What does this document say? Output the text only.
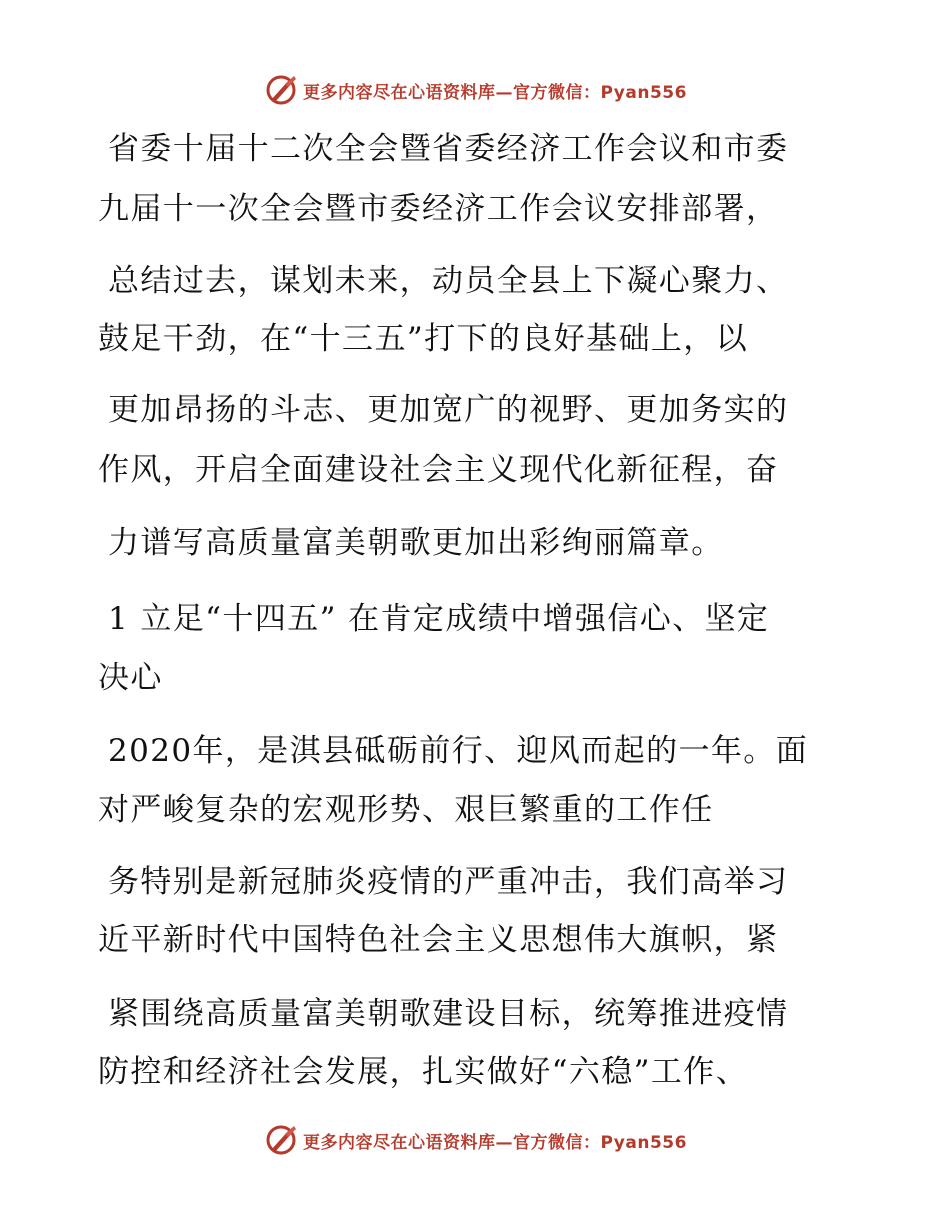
更多内容尽在心语资料库—官方微信：Pyan556
省委十届十二次全会暨省委经济工作会议和市委
九届十一次全会暨市委经济工作会议安排部署，
总结过去，谋划未来，动员全县上下凝心聚力、
鼓足干劲，在“十三五”打下的良好基础上，以
更加昂扬的斗志、更加宽广的视野、更加务实的
作风，开启全面建设社会主义现代化新征程，奋
力谱写高质量富美朝歌更加出彩绚丽篇章。
1 立足“十四五” 在肯定成绩中增强信心、坚定
决心
2020年，是淇县砥砺前行、迎风而起的一年。面
对严峻复杂的宏观形势、艰巨繁重的工作任
务特别是新冠肺炎疫情的严重冲击，我们高举习
近平新时代中国特色社会主义思想伟大旗帜，紧
紧围绕高质量富美朝歌建设目标，统筹推进疫情
防控和经济社会发展，扎实做好“六稳”工作、
更多内容尽在心语资料库—官方微信：Pyan556
